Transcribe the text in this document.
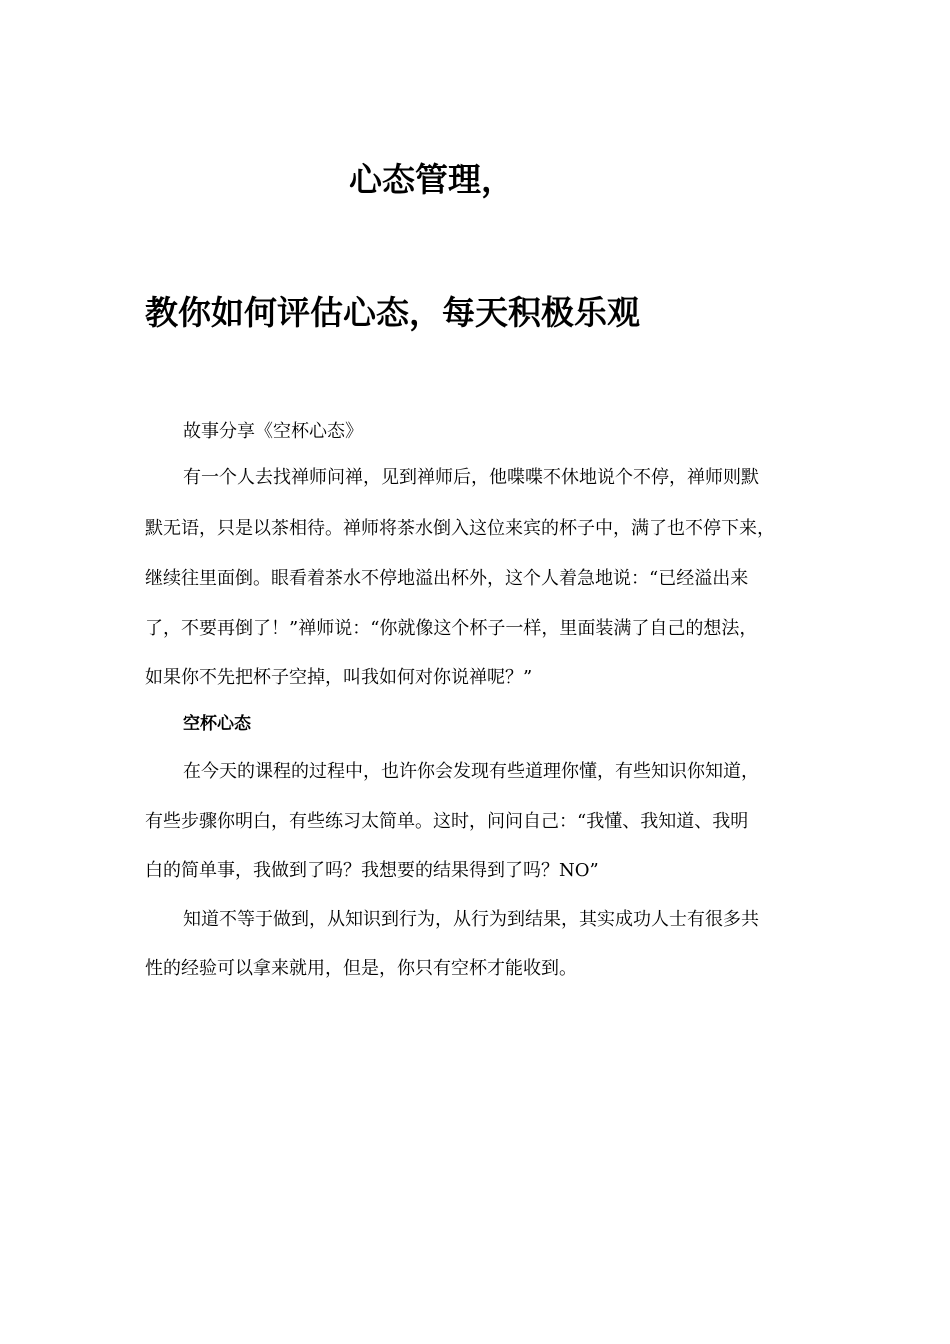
心态管理，
教你如何评估心态，每天积极乐观
故事分享《空杯心态》
有一个人去找禅师问禅，见到禅师后，他喋喋不休地说个不停，禅师则默
默无语，只是以茶相待。禅师将茶水倒入这位来宾的杯子中，满了也不停下来，
继续往里面倒。眼看着茶水不停地溢出杯外，这个人着急地说：“已经溢出来
了，不要再倒了！”禅师说：“你就像这个杯子一样，里面装满了自己的想法，
如果你不先把杯子空掉，叫我如何对你说禅呢？”
空杯心态
在今天的课程的过程中，也许你会发现有些道理你懂，有些知识你知道，
有些步骤你明白，有些练习太简单。这时，问问自己：“我懂、我知道、我明
白的简单事，我做到了吗？我想要的结果得到了吗？NO”
知道不等于做到，从知识到行为，从行为到结果，其实成功人士有很多共
性的经验可以拿来就用，但是，你只有空杯才能收到。
